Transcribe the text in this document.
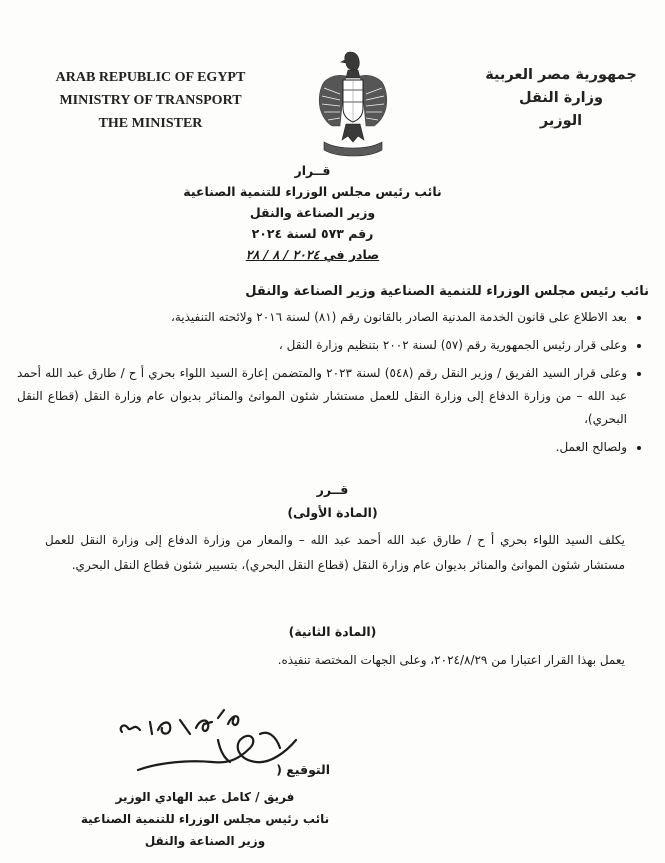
ARAB REPUBLIC OF EGYPT
MINISTRY OF TRANSPORT
THE MINISTER
جمهورية مصر العربية
وزارة النقل
الوزير
قــرار
نائب رئيس مجلس الوزراء للتنمية الصناعية
وزير الصناعة والنقل
رقم ٥٧٣ لسنة ٢٠٢٤
صادر في ٢٠٢٤ / ٨ / ٢٨
نائب رئيس مجلس الوزراء للتنمية الصناعية وزير الصناعة والنقل
• بعد الاطلاع على قانون الخدمة المدنية الصادر بالقانون رقم (٨١) لسنة ٢٠١٦ ولائحته التنفيذية،
• وعلى قرار رئيس الجمهورية رقم (٥٧) لسنة ٢٠٠٢ بتنظيم وزارة النقل ،
• وعلى قرار السيد الفريق / وزير النقل رقم (٥٤٨) لسنة ٢٠٢٣ والمتضمن إعارة السيد اللواء بحري أ ح / طارق عبد الله أحمد عبد الله – من وزارة الدفاع إلى وزارة النقل للعمل مستشار شئون الموانئ والمنائر بديوان عام وزارة النقل (قطاع النقل البحري)،
• ولصالح العمل.
قــرر
(المادة الأولى)
يكلف السيد اللواء بحري أ ح / طارق عبد الله أحمد عبد الله – والمعار من وزارة الدفاع إلى وزارة النقل للعمل مستشار شئون الموانئ والمنائر بديوان عام وزارة النقل (قطاع النقل البحري)، بتسيير شئون قطاع النقل البحري.
(المادة الثانية)
يعمل بهذا القرار اعتبارا من ٢٠٢٤/٨/٢٩، وعلى الجهات المختصة تنفيذه.
التوقيع (
فريق / كامل عبد الهادي الوزير
نائب رئيس مجلس الوزراء للتنمية الصناعية
وزير الصناعة والنقل
